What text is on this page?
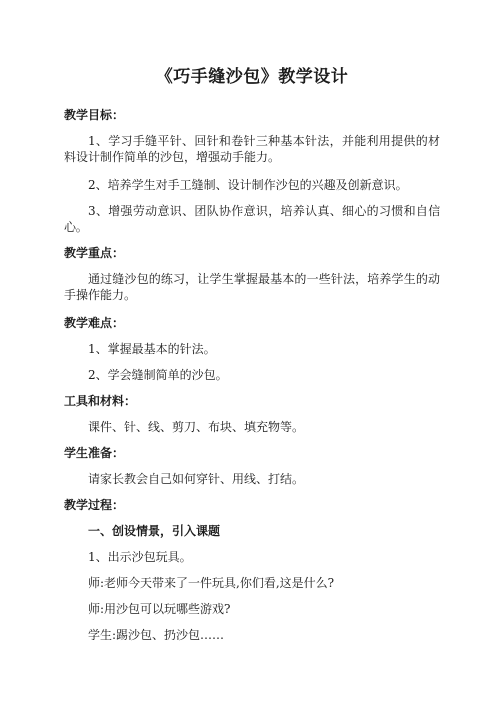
《巧手缝沙包》教学设计
教学目标：

1、学习手缝平针、回针和卷针三种基本针法，并能利用提供的材料设计制作简单的沙包，增强动手能力。

2、培养学生对手工缝制、设计制作沙包的兴趣及创新意识。

3、增强劳动意识、团队协作意识，培养认真、细心的习惯和自信心。

教学重点：

通过缝沙包的练习，让学生掌握最基本的一些针法，培养学生的动手操作能力。

教学难点：

1、掌握最基本的针法。

2、学会缝制简单的沙包。

工具和材料：

课件、针、线、剪刀、布块、填充物等。

学生准备：

请家长教会自己如何穿针、用线、打结。

教学过程：
一、创设情景，引入课题

1、出示沙包玩具。

师:老师今天带来了一件玩具,你们看,这是什么?

师:用沙包可以玩哪些游戏?

学生:踢沙包、扔沙包……
